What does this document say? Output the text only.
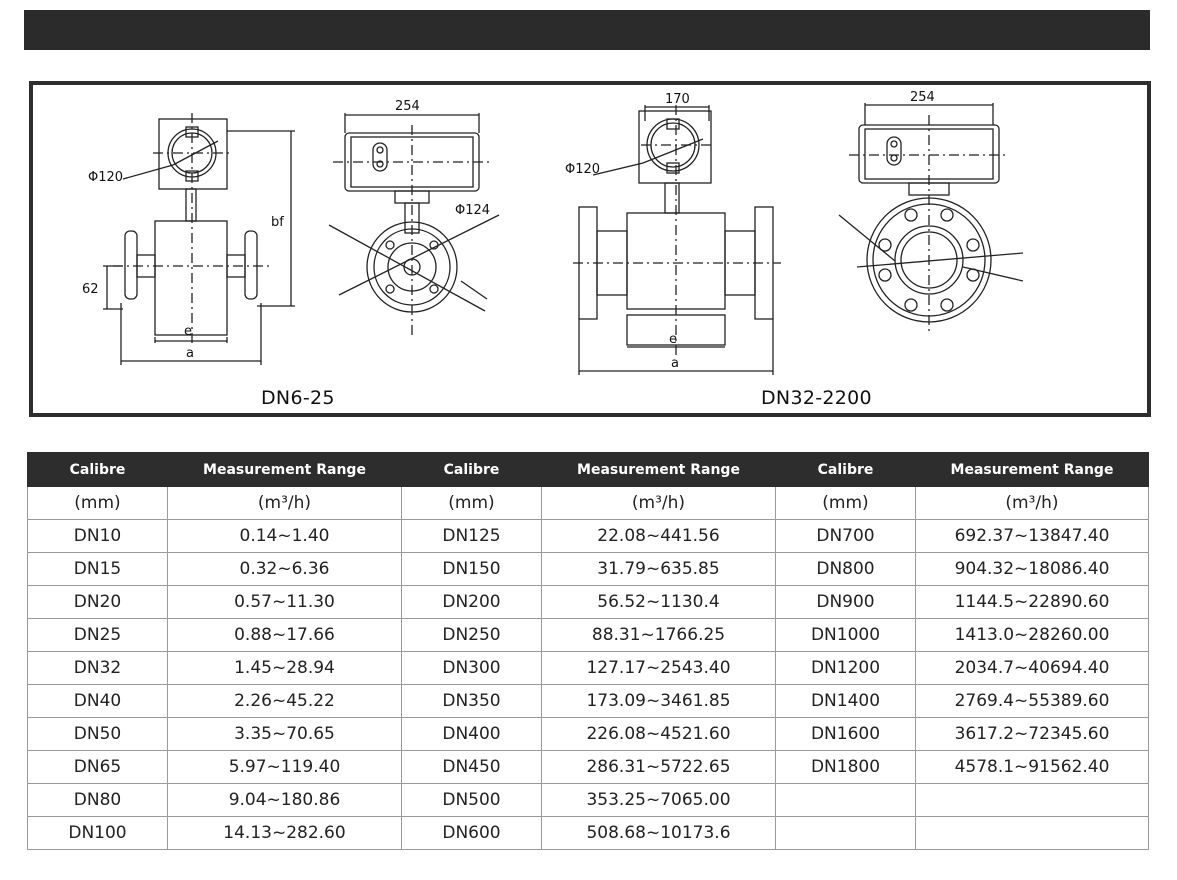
Φ120
bf
62
e
a
254
Φ124
170
Φ120
e
a
254
DN6-25	DN32-2200
Calibre	Measurement Range	Calibre	Measurement Range	Calibre	Measurement Range
(mm)	(m³/h)	(mm)	(m³/h)	(mm)	(m³/h)
DN10	0.14~1.40	DN125	22.08~441.56	DN700	692.37~13847.40
DN15	0.32~6.36	DN150	31.79~635.85	DN800	904.32~18086.40
DN20	0.57~11.30	DN200	56.52~1130.4	DN900	1144.5~22890.60
DN25	0.88~17.66	DN250	88.31~1766.25	DN1000	1413.0~28260.00
DN32	1.45~28.94	DN300	127.17~2543.40	DN1200	2034.7~40694.40
DN40	2.26~45.22	DN350	173.09~3461.85	DN1400	2769.4~55389.60
DN50	3.35~70.65	DN400	226.08~4521.60	DN1600	3617.2~72345.60
DN65	5.97~119.40	DN450	286.31~5722.65	DN1800	4578.1~91562.40
DN80	9.04~180.86	DN500	353.25~7065.00		
DN100	14.13~282.60	DN600	508.68~10173.6		
